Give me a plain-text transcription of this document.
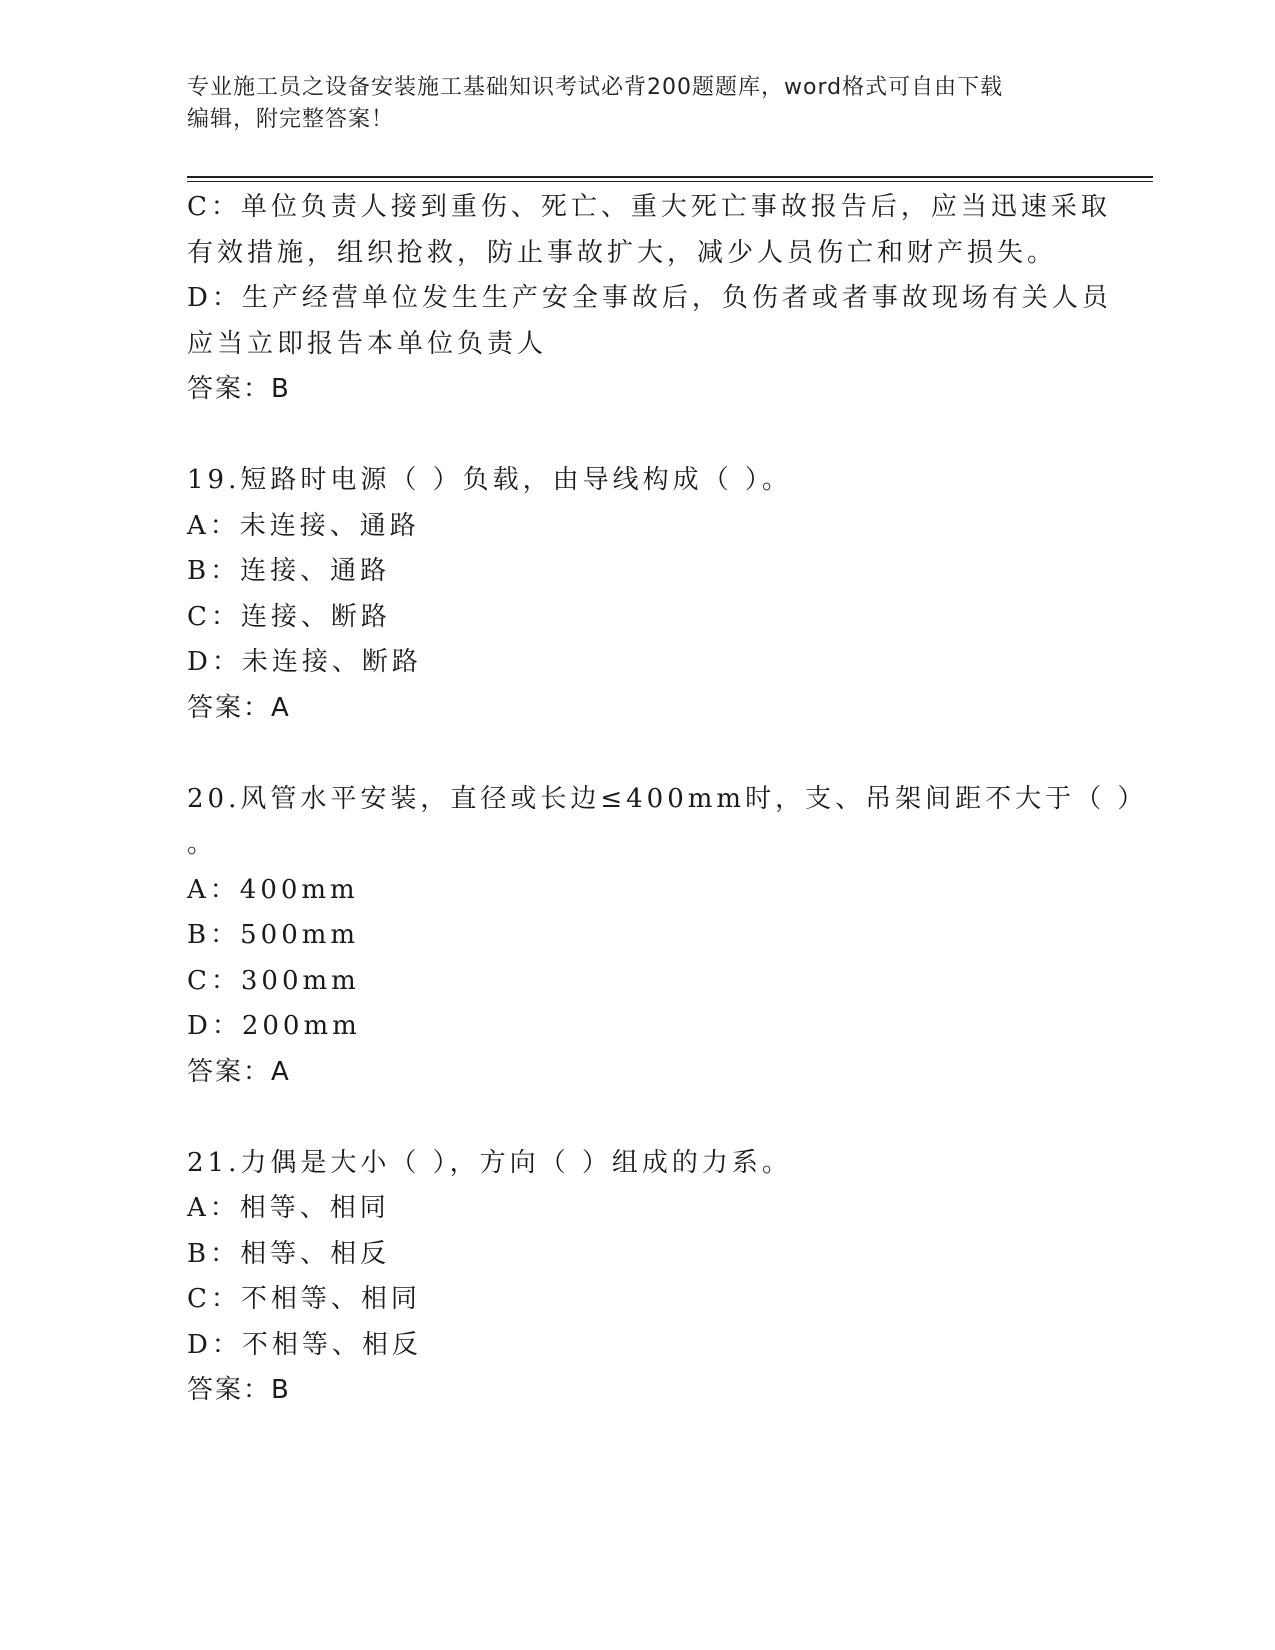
专业施工员之设备安装施工基础知识考试必背200题题库，word格式可自由下载
编辑，附完整答案！
C：单位负责人接到重伤、死亡、重大死亡事故报告后，应当迅速采取
有效措施，组织抢救，防止事故扩大，减少人员伤亡和财产损失。
D：生产经营单位发生生产安全事故后，负伤者或者事故现场有关人员
应当立即报告本单位负责人
答案：B
19.短路时电源（ ）负载，由导线构成（ ）。
A：未连接、通路
B：连接、通路
C：连接、断路
D：未连接、断路
答案：A
20.风管水平安装，直径或长边≤400mm时，支、吊架间距不大于（ ）
。
A：400mm
B：500mm
C：300mm
D：200mm
答案：A
21.力偶是大小（ ），方向（ ）组成的力系。
A：相等、相同
B：相等、相反
C：不相等、相同
D：不相等、相反
答案：B
